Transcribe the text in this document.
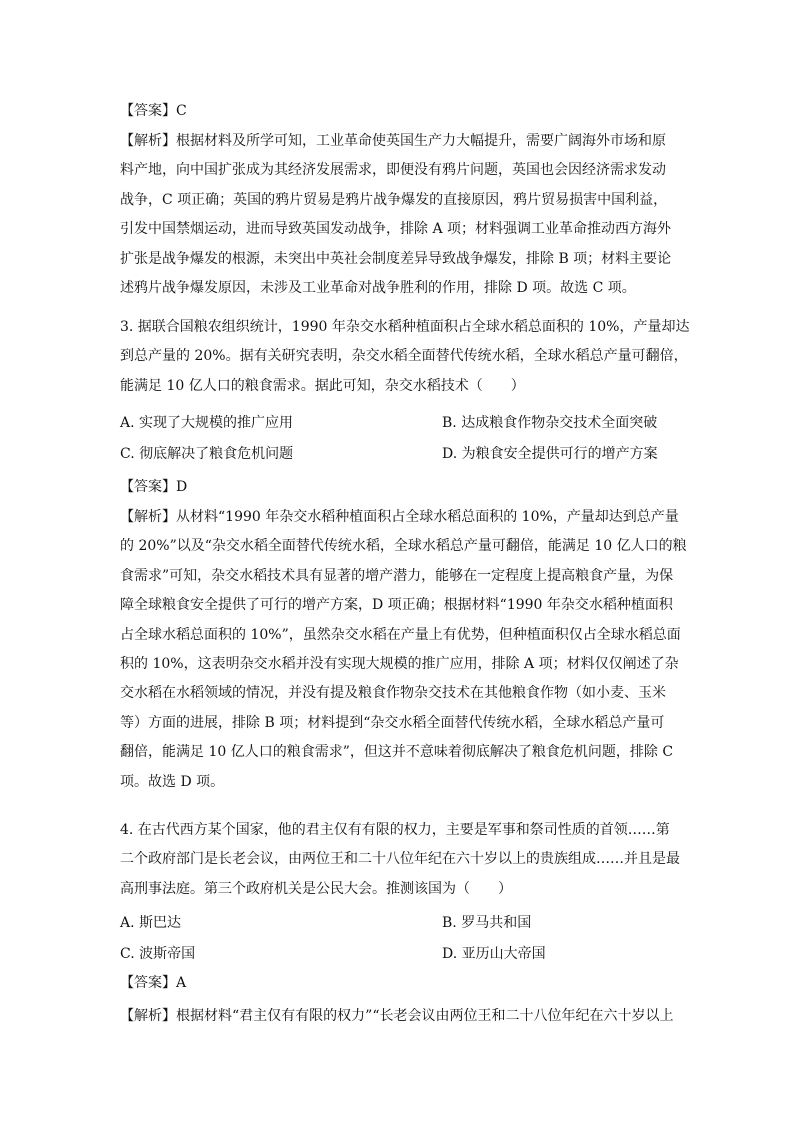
【答案】C

【解析】根据材料及所学可知，工业革命使英国生产力大幅提升，需要广阔海外市场和原
料产地，向中国扩张成为其经济发展需求，即便没有鸦片问题，英国也会因经济需求发动
战争，C 项正确；英国的鸦片贸易是鸦片战争爆发的直接原因，鸦片贸易损害中国利益，
引发中国禁烟运动，进而导致英国发动战争，排除 A 项；材料强调工业革命推动西方海外
扩张是战争爆发的根源，未突出中英社会制度差异导致战争爆发，排除 B 项；材料主要论
述鸦片战争爆发原因，未涉及工业革命对战争胜利的作用，排除 D 项。故选 C 项。

3. 据联合国粮农组织统计，1990 年杂交水稻种植面积占全球水稻总面积的 10%，产量却达
到总产量的 20%。据有关研究表明，杂交水稻全面替代传统水稻，全球水稻总产量可翻倍，
能满足 10 亿人口的粮食需求。据此可知，杂交水稻技术（　　）

A. 实现了大规模的推广应用	B. 达成粮食作物杂交技术全面突破
C. 彻底解决了粮食危机问题	D. 为粮食安全提供可行的增产方案

【答案】D

【解析】从材料“1990 年杂交水稻种植面积占全球水稻总面积的 10%，产量却达到总产量
的 20%”以及“杂交水稻全面替代传统水稻，全球水稻总产量可翻倍，能满足 10 亿人口的粮
食需求”可知，杂交水稻技术具有显著的增产潜力，能够在一定程度上提高粮食产量，为保
障全球粮食安全提供了可行的增产方案，D 项正确；根据材料“1990 年杂交水稻种植面积
占全球水稻总面积的 10%”，虽然杂交水稻在产量上有优势，但种植面积仅占全球水稻总面
积的 10%，这表明杂交水稻并没有实现大规模的推广应用，排除 A 项；材料仅仅阐述了杂
交水稻在水稻领域的情况，并没有提及粮食作物杂交技术在其他粮食作物（如小麦、玉米
等）方面的进展，排除 B 项；材料提到“杂交水稻全面替代传统水稻，全球水稻总产量可
翻倍，能满足 10 亿人口的粮食需求”，但这并不意味着彻底解决了粮食危机问题，排除 C
项。故选 D 项。

4. 在古代西方某个国家，他的君主仅有有限的权力，主要是军事和祭司性质的首领……第
二个政府部门是长老会议，由两位王和二十八位年纪在六十岁以上的贵族组成……并且是最
高刑事法庭。第三个政府机关是公民大会。推测该国为（　　）

A. 斯巴达	B. 罗马共和国
C. 波斯帝国	D. 亚历山大帝国

【答案】A

【解析】根据材料“君主仅有有限的权力”“长老会议由两位王和二十八位年纪在六十岁以上
